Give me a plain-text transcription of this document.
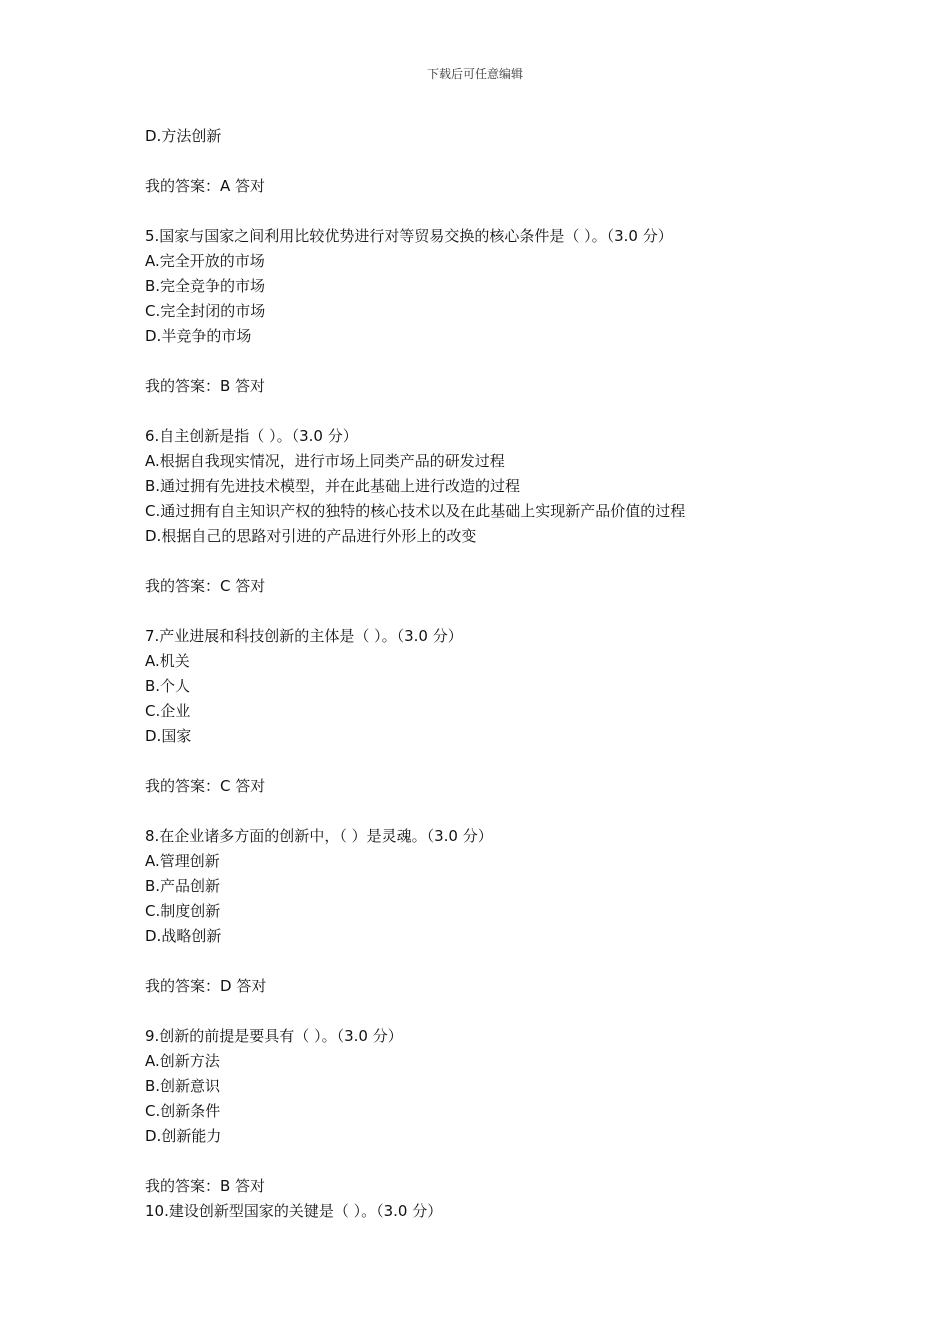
下载后可任意编辑
D.方法创新
我的答案：A 答对
5.国家与国家之间利用比较优势进行对等贸易交换的核心条件是（ ）。（3.0 分）
A.完全开放的市场
B.完全竞争的市场
C.完全封闭的市场
D.半竞争的市场
我的答案：B 答对
6.自主创新是指（ ）。（3.0 分）
A.根据自我现实情况，进行市场上同类产品的研发过程
B.通过拥有先进技术模型，并在此基础上进行改造的过程
C.通过拥有自主知识产权的独特的核心技术以及在此基础上实现新产品价值的过程
D.根据自己的思路对引进的产品进行外形上的改变
我的答案：C 答对
7.产业进展和科技创新的主体是（ ）。（3.0 分）
A.机关
B.个人
C.企业
D.国家
我的答案：C 答对
8.在企业诸多方面的创新中，（ ）是灵魂。（3.0 分）
A.管理创新
B.产品创新
C.制度创新
D.战略创新
我的答案：D 答对
9.创新的前提是要具有（ ）。（3.0 分）
A.创新方法
B.创新意识
C.创新条件
D.创新能力
我的答案：B 答对
10.建设创新型国家的关键是（ ）。（3.0 分）
